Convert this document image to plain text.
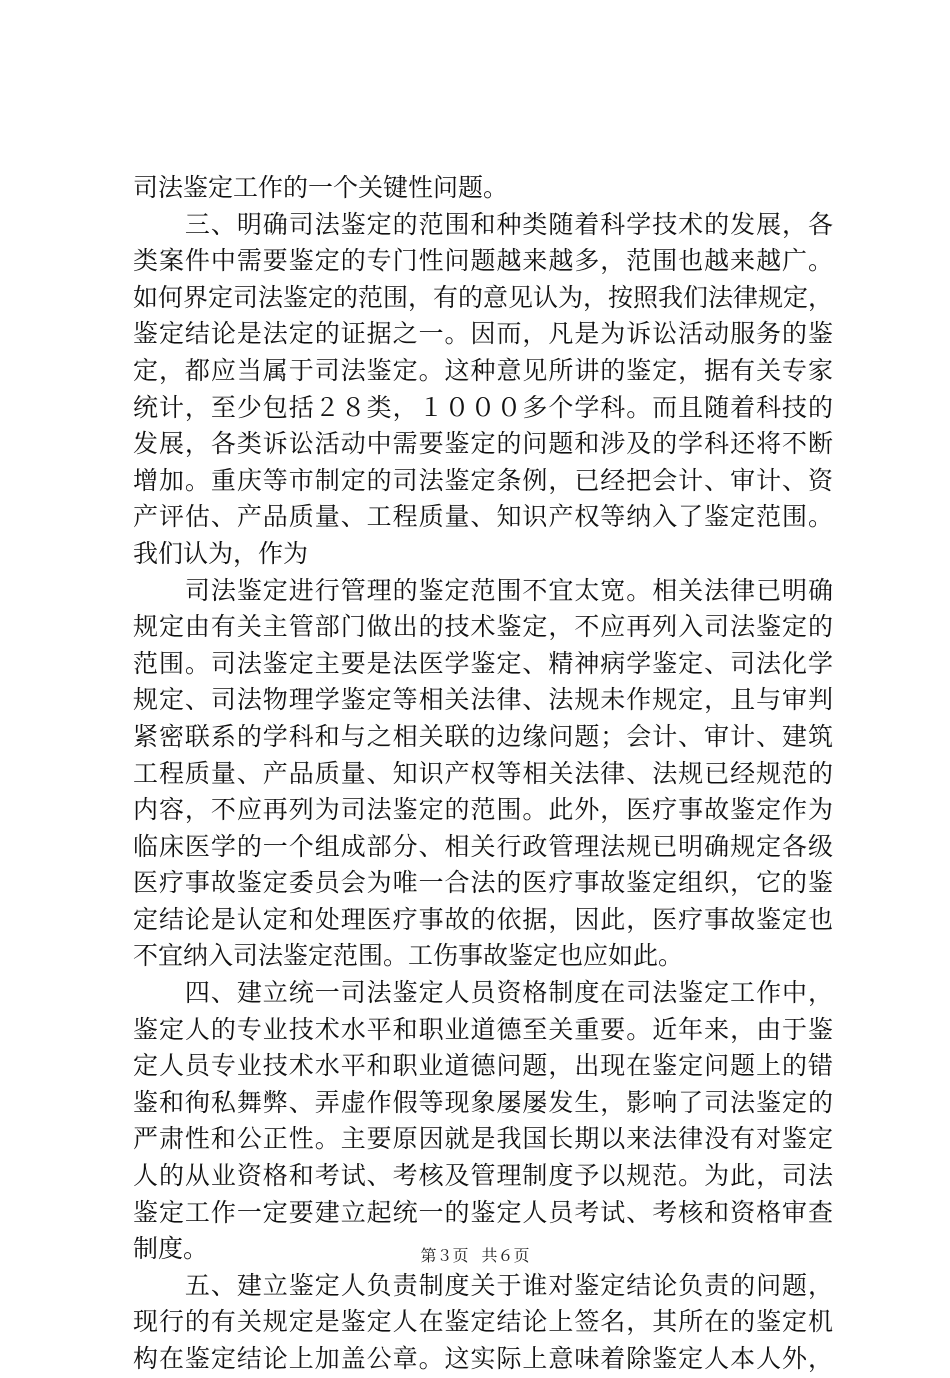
司法鉴定工作的一个关键性问题。
　　三、明确司法鉴定的范围和种类随着科学技术的发展，各
类案件中需要鉴定的专门性问题越来越多，范围也越来越广。
如何界定司法鉴定的范围，有的意见认为，按照我们法律规定，
鉴定结论是法定的证据之一。因而，凡是为诉讼活动服务的鉴
定，都应当属于司法鉴定。这种意见所讲的鉴定，据有关专家
统计，至少包括２８类，１０００多个学科。而且随着科技的
发展，各类诉讼活动中需要鉴定的问题和涉及的学科还将不断
增加。重庆等市制定的司法鉴定条例，已经把会计、审计、资
产评估、产品质量、工程质量、知识产权等纳入了鉴定范围。
我们认为，作为
　　司法鉴定进行管理的鉴定范围不宜太宽。相关法律已明确
规定由有关主管部门做出的技术鉴定，不应再列入司法鉴定的
范围。司法鉴定主要是法医学鉴定、精神病学鉴定、司法化学
规定、司法物理学鉴定等相关法律、法规未作规定，且与审判
紧密联系的学科和与之相关联的边缘问题；会计、审计、建筑
工程质量、产品质量、知识产权等相关法律、法规已经规范的
内容，不应再列为司法鉴定的范围。此外，医疗事故鉴定作为
临床医学的一个组成部分、相关行政管理法规已明确规定各级
医疗事故鉴定委员会为唯一合法的医疗事故鉴定组织，它的鉴
定结论是认定和处理医疗事故的依据，因此，医疗事故鉴定也
不宜纳入司法鉴定范围。工伤事故鉴定也应如此。
　　四、建立统一司法鉴定人员资格制度在司法鉴定工作中，
鉴定人的专业技术水平和职业道德至关重要。近年来，由于鉴
定人员专业技术水平和职业道德问题，出现在鉴定问题上的错
鉴和徇私舞弊、弄虚作假等现象屡屡发生，影响了司法鉴定的
严肃性和公正性。主要原因就是我国长期以来法律没有对鉴定
人的从业资格和考试、考核及管理制度予以规范。为此，司法
鉴定工作一定要建立起统一的鉴定人员考试、考核和资格审查
制度。
　　五、建立鉴定人负责制度关于谁对鉴定结论负责的问题，
现行的有关规定是鉴定人在鉴定结论上签名，其所在的鉴定机
构在鉴定结论上加盖公章。这实际上意味着除鉴定人本人外，
第３页 共６页
